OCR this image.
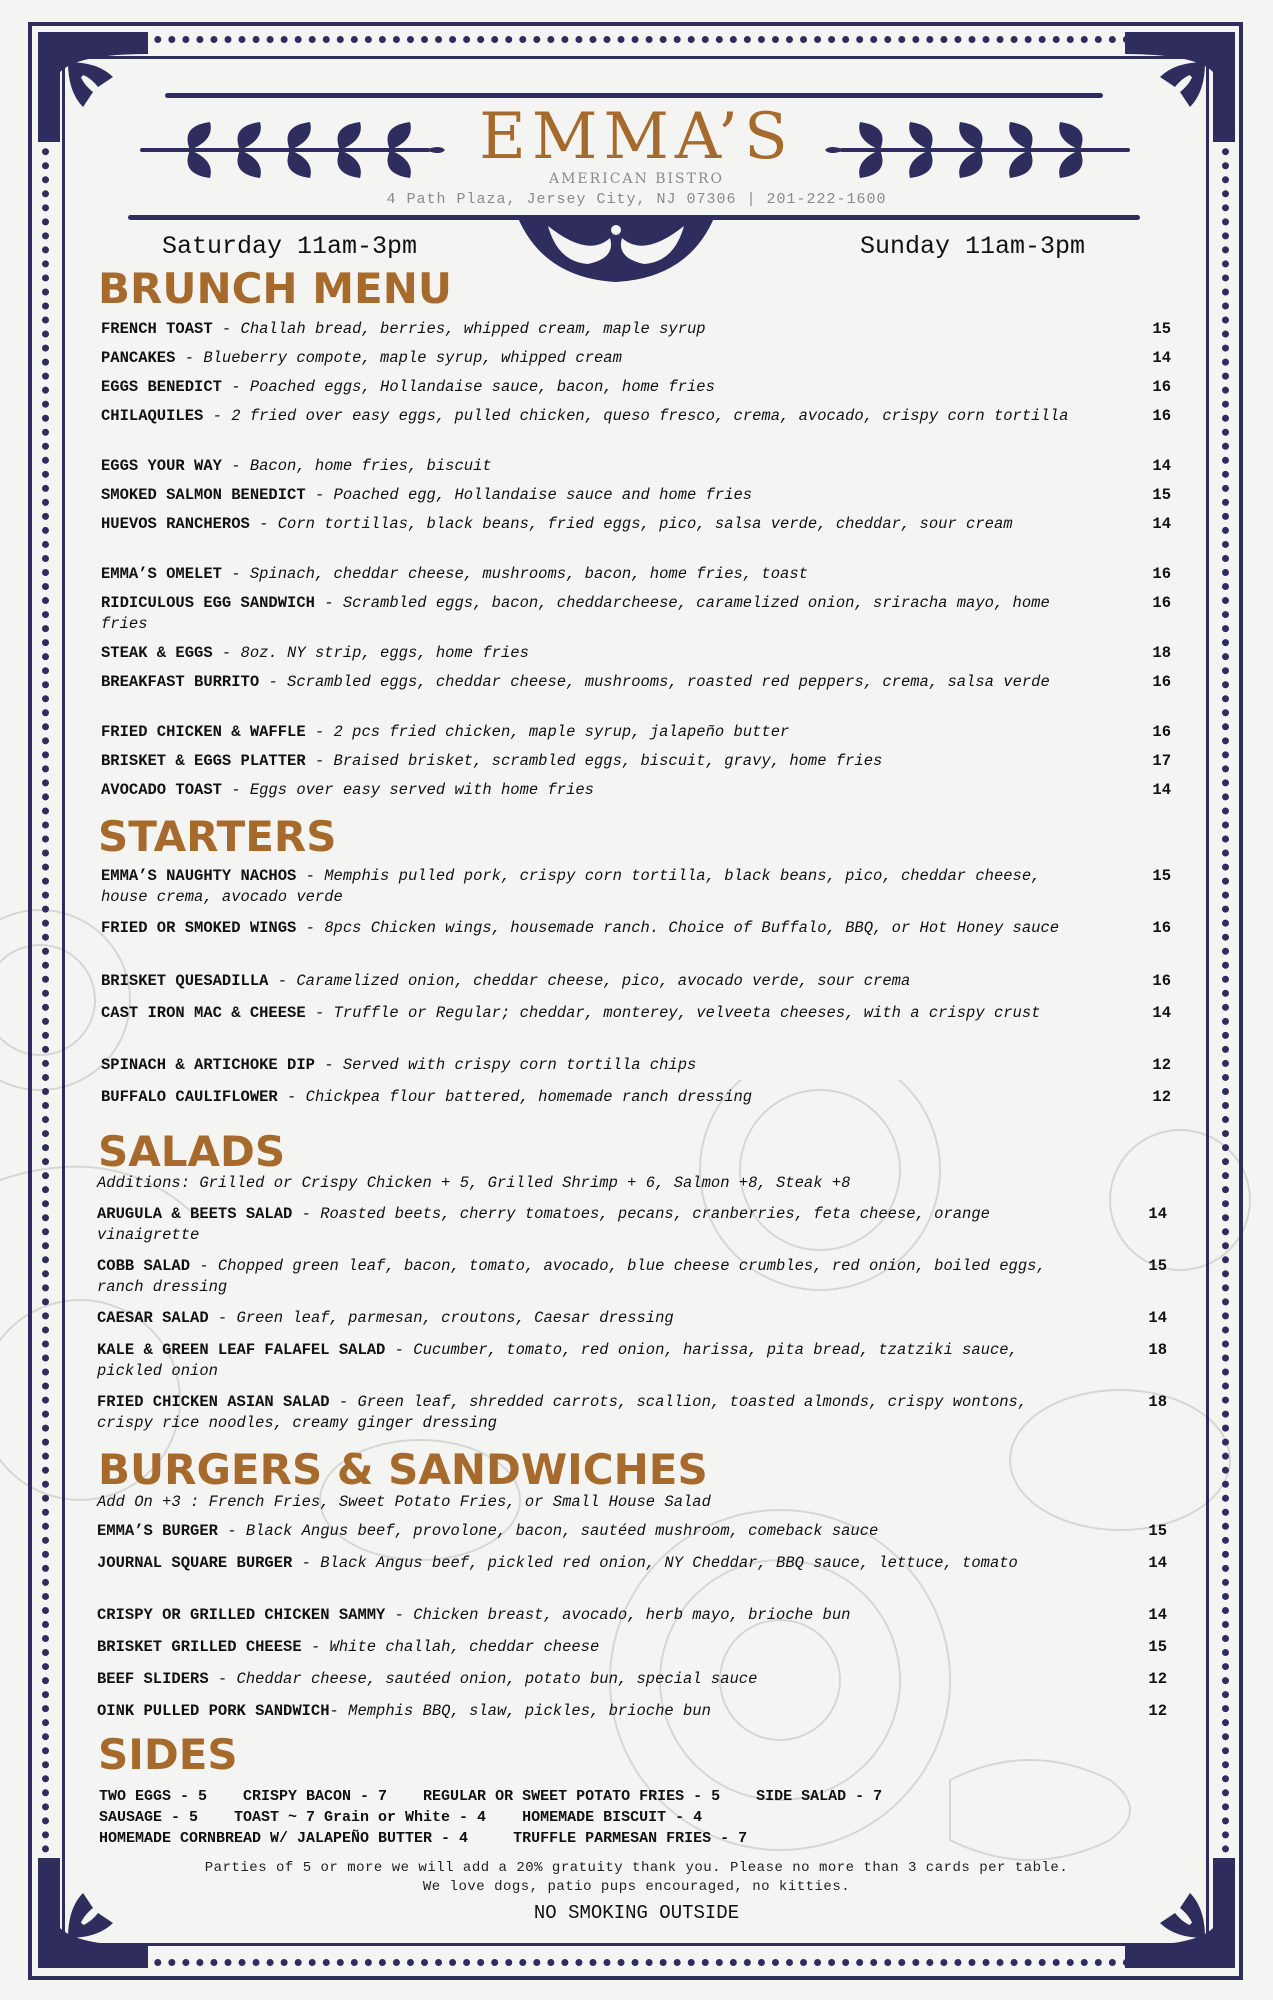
EMMA’S
AMERICAN BISTRO
4 Path Plaza, Jersey City, NJ 07306 | 201-222-1600
Saturday 11am-3pm	Sunday 11am-3pm
BRUNCH MENU
FRENCH TOAST - Challah bread, berries, whipped cream, maple syrup	15
PANCAKES - Blueberry compote, maple syrup, whipped cream	14
EGGS BENEDICT - Poached eggs, Hollandaise sauce, bacon, home fries	16
CHILAQUILES - 2 fried over easy eggs, pulled chicken, queso fresco, crema, avocado, crispy corn tortilla	16
EGGS YOUR WAY - Bacon, home fries, biscuit	14
SMOKED SALMON BENEDICT - Poached egg, Hollandaise sauce and home fries	15
HUEVOS RANCHEROS - Corn tortillas, black beans, fried eggs, pico, salsa verde, cheddar, sour cream	14
EMMA’S OMELET - Spinach, cheddar cheese, mushrooms, bacon, home fries, toast	16
RIDICULOUS EGG SANDWICH - Scrambled eggs, bacon, cheddarcheese, caramelized onion, sriracha mayo, home fries
16
STEAK & EGGS - 8oz. NY strip, eggs, home fries	18
BREAKFAST BURRITO - Scrambled eggs, cheddar cheese, mushrooms, roasted red peppers, crema, salsa verde	16
FRIED CHICKEN & WAFFLE - 2 pcs fried chicken, maple syrup, jalapeño butter	16
BRISKET & EGGS PLATTER - Braised brisket, scrambled eggs, biscuit, gravy, home fries	17
AVOCADO TOAST - Eggs over easy served with home fries	14
STARTERS
EMMA’S NAUGHTY NACHOS - Memphis pulled pork, crispy corn tortilla, black beans, pico, cheddar cheese, house crema, avocado verde
15
FRIED OR SMOKED WINGS - 8pcs Chicken wings, housemade ranch. Choice of Buffalo, BBQ, or Hot Honey sauce	16
BRISKET QUESADILLA - Caramelized onion, cheddar cheese, pico, avocado verde, sour crema	16
CAST IRON MAC & CHEESE - Truffle or Regular; cheddar, monterey, velveeta cheeses, with a crispy crust	14
SPINACH & ARTICHOKE DIP - Served with crispy corn tortilla chips	12
BUFFALO CAULIFLOWER - Chickpea flour battered, homemade ranch dressing	12
SALADS
Additions: Grilled or Crispy Chicken + 5, Grilled Shrimp + 6, Salmon +8, Steak +8
ARUGULA & BEETS SALAD - Roasted beets, cherry tomatoes, pecans, cranberries, feta cheese, orange vinaigrette
14
COBB SALAD - Chopped green leaf, bacon, tomato, avocado, blue cheese crumbles, red onion, boiled eggs, ranch dressing
15
CAESAR SALAD - Green leaf, parmesan, croutons, Caesar dressing	14
KALE & GREEN LEAF FALAFEL SALAD - Cucumber, tomato, red onion, harissa, pita bread, tzatziki sauce, pickled onion
18
FRIED CHICKEN ASIAN SALAD - Green leaf, shredded carrots, scallion, toasted almonds, crispy wontons, crispy rice noodles, creamy ginger dressing
18
BURGERS & SANDWICHES
Add On +3 : French Fries, Sweet Potato Fries, or Small House Salad
EMMA’S BURGER - Black Angus beef, provolone, bacon, sautéed mushroom, comeback sauce	15
JOURNAL SQUARE BURGER - Black Angus beef, pickled red onion, NY Cheddar, BBQ sauce, lettuce, tomato	14
CRISPY OR GRILLED CHICKEN SAMMY - Chicken breast, avocado, herb mayo, brioche bun	14
BRISKET GRILLED CHEESE - White challah, cheddar cheese	15
BEEF SLIDERS - Cheddar cheese, sautéed onion, potato bun, special sauce	12
OINK PULLED PORK SANDWICH- Memphis BBQ, slaw, pickles, brioche bun	12
SIDES
TWO EGGS - 5    CRISPY BACON - 7    REGULAR OR SWEET POTATO FRIES - 5    SIDE SALAD - 7
SAUSAGE - 5    TOAST ~ 7 Grain or White - 4    HOMEMADE BISCUIT - 4
HOMEMADE CORNBREAD W/ JALAPEÑO BUTTER - 4     TRUFFLE PARMESAN FRIES - 7
Parties of 5 or more we will add a 20% gratuity thank you. Please no more than 3 cards per table.
We love dogs, patio pups encouraged, no kitties.
NO SMOKING OUTSIDE
